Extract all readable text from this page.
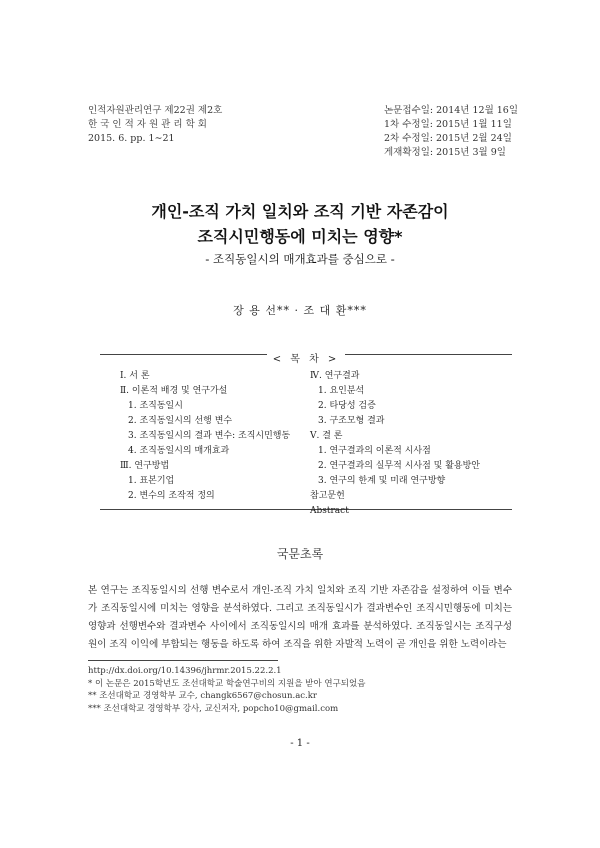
인적자원관리연구 제22권 제2호
한 국 인 적 자 원 관 리 학 회
2015. 6. pp. 1∼21
논문접수일: 2014년 12월 16일
1차 수정일: 2015년 1월 11일
2차 수정일: 2015년 2월 24일
게재확정일: 2015년 3월 9일
개인-조직 가치 일치와 조직 기반 자존감이
조직시민행동에 미치는 영향*
- 조직동일시의 매개효과를 중심으로 -
장 용 선** · 조 대 환***
< 목 차 >
Ⅰ. 서 론
Ⅱ. 이론적 배경 및 연구가설
1. 조직동일시
2. 조직동일시의 선행 변수
3. 조직동일시의 결과 변수: 조직시민행동
4. 조직동일시의 매개효과
Ⅲ. 연구방법
1. 표본기업
2. 변수의 조작적 정의
Ⅳ. 연구결과
1. 요인분석
2. 타당성 검증
3. 구조모형 결과
Ⅴ. 결 론
1. 연구결과의 이론적 시사점
2. 연구결과의 실무적 시사점 및 활용방안
3. 연구의 한계 및 미래 연구방향
참고문헌
Abstract
국문초록
본 연구는 조직동일시의 선행 변수로서 개인-조직 가치 일치와 조직 기반 자존감을 설정하여 이들 변수가 조직동일시에 미치는 영향을 분석하였다. 그리고 조직동일시가 결과변수인 조직시민행동에 미치는 영향과 선행변수와 결과변수 사이에서 조직동일시의 매개 효과를 분석하였다. 조직동일시는 조직구성원이 조직 이익에 부합되는 행동을 하도록 하여 조직을 위한 자발적 노력이 곧 개인을 위한 노력이라는
http://dx.doi.org/10.14396/jhrmr.2015.22.2.1
* 이 논문은 2015학년도 조선대학교 학술연구비의 지원을 받아 연구되었음
** 조선대학교 경영학부 교수, changk6567@chosun.ac.kr
*** 조선대학교 경영학부 강사, 교신저자, popcho10@gmail.com
- 1 -
